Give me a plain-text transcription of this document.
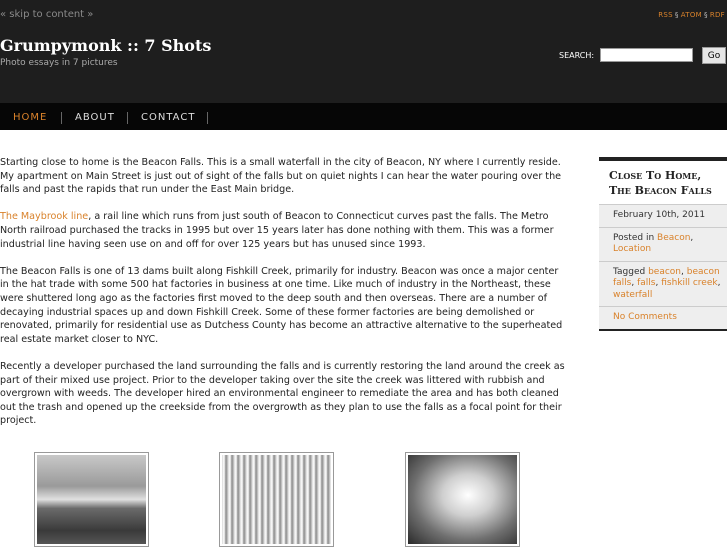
« skip to content »	RSS § ATOM § RDF
Grumpymonk :: 7 Shots
Photo essays in 7 pictures
SEARCH:	Go
HOME	ABOUT	CONTACT

Starting close to home is the Beacon Falls. This is a small waterfall in the city of Beacon, NY where I currently reside. My apartment on Main Street is just out of sight of the falls but on quiet nights I can hear the water pouring over the falls and past the rapids that run under the East Main bridge.

The Maybrook line, a rail line which runs from just south of Beacon to Connecticut curves past the falls. The Metro North railroad purchased the tracks in 1995 but over 15 years later has done nothing with them. This was a former industrial line having seen use on and off for over 125 years but has unused since 1993.

The Beacon Falls is one of 13 dams built along Fishkill Creek, primarily for industry. Beacon was once a major center in the hat trade with some 500 hat factories in business at one time. Like much of industry in the Northeast, these were shuttered long ago as the factories first moved to the deep south and then overseas. There are a number of decaying industrial spaces up and down Fishkill Creek. Some of these former factories are being demolished or renovated, primarily for residential use as Dutchess County has become an attractive alternative to the superheated real estate market closer to NYC.

Recently a developer purchased the land surrounding the falls and is currently restoring the land around the creek as part of their mixed use project. Prior to the developer taking over the site the creek was littered with rubbish and overgrown with weeds. The developer hired an environmental engineer to remediate the area and has both cleaned out the trash and opened up the creekside from the overgrowth as they plan to use the falls as a focal point for their project.

Close To Home, The Beacon Falls
February 10th, 2011
Posted in Beacon, Location
Tagged beacon, beacon falls, falls, fishkill creek, waterfall
No Comments
